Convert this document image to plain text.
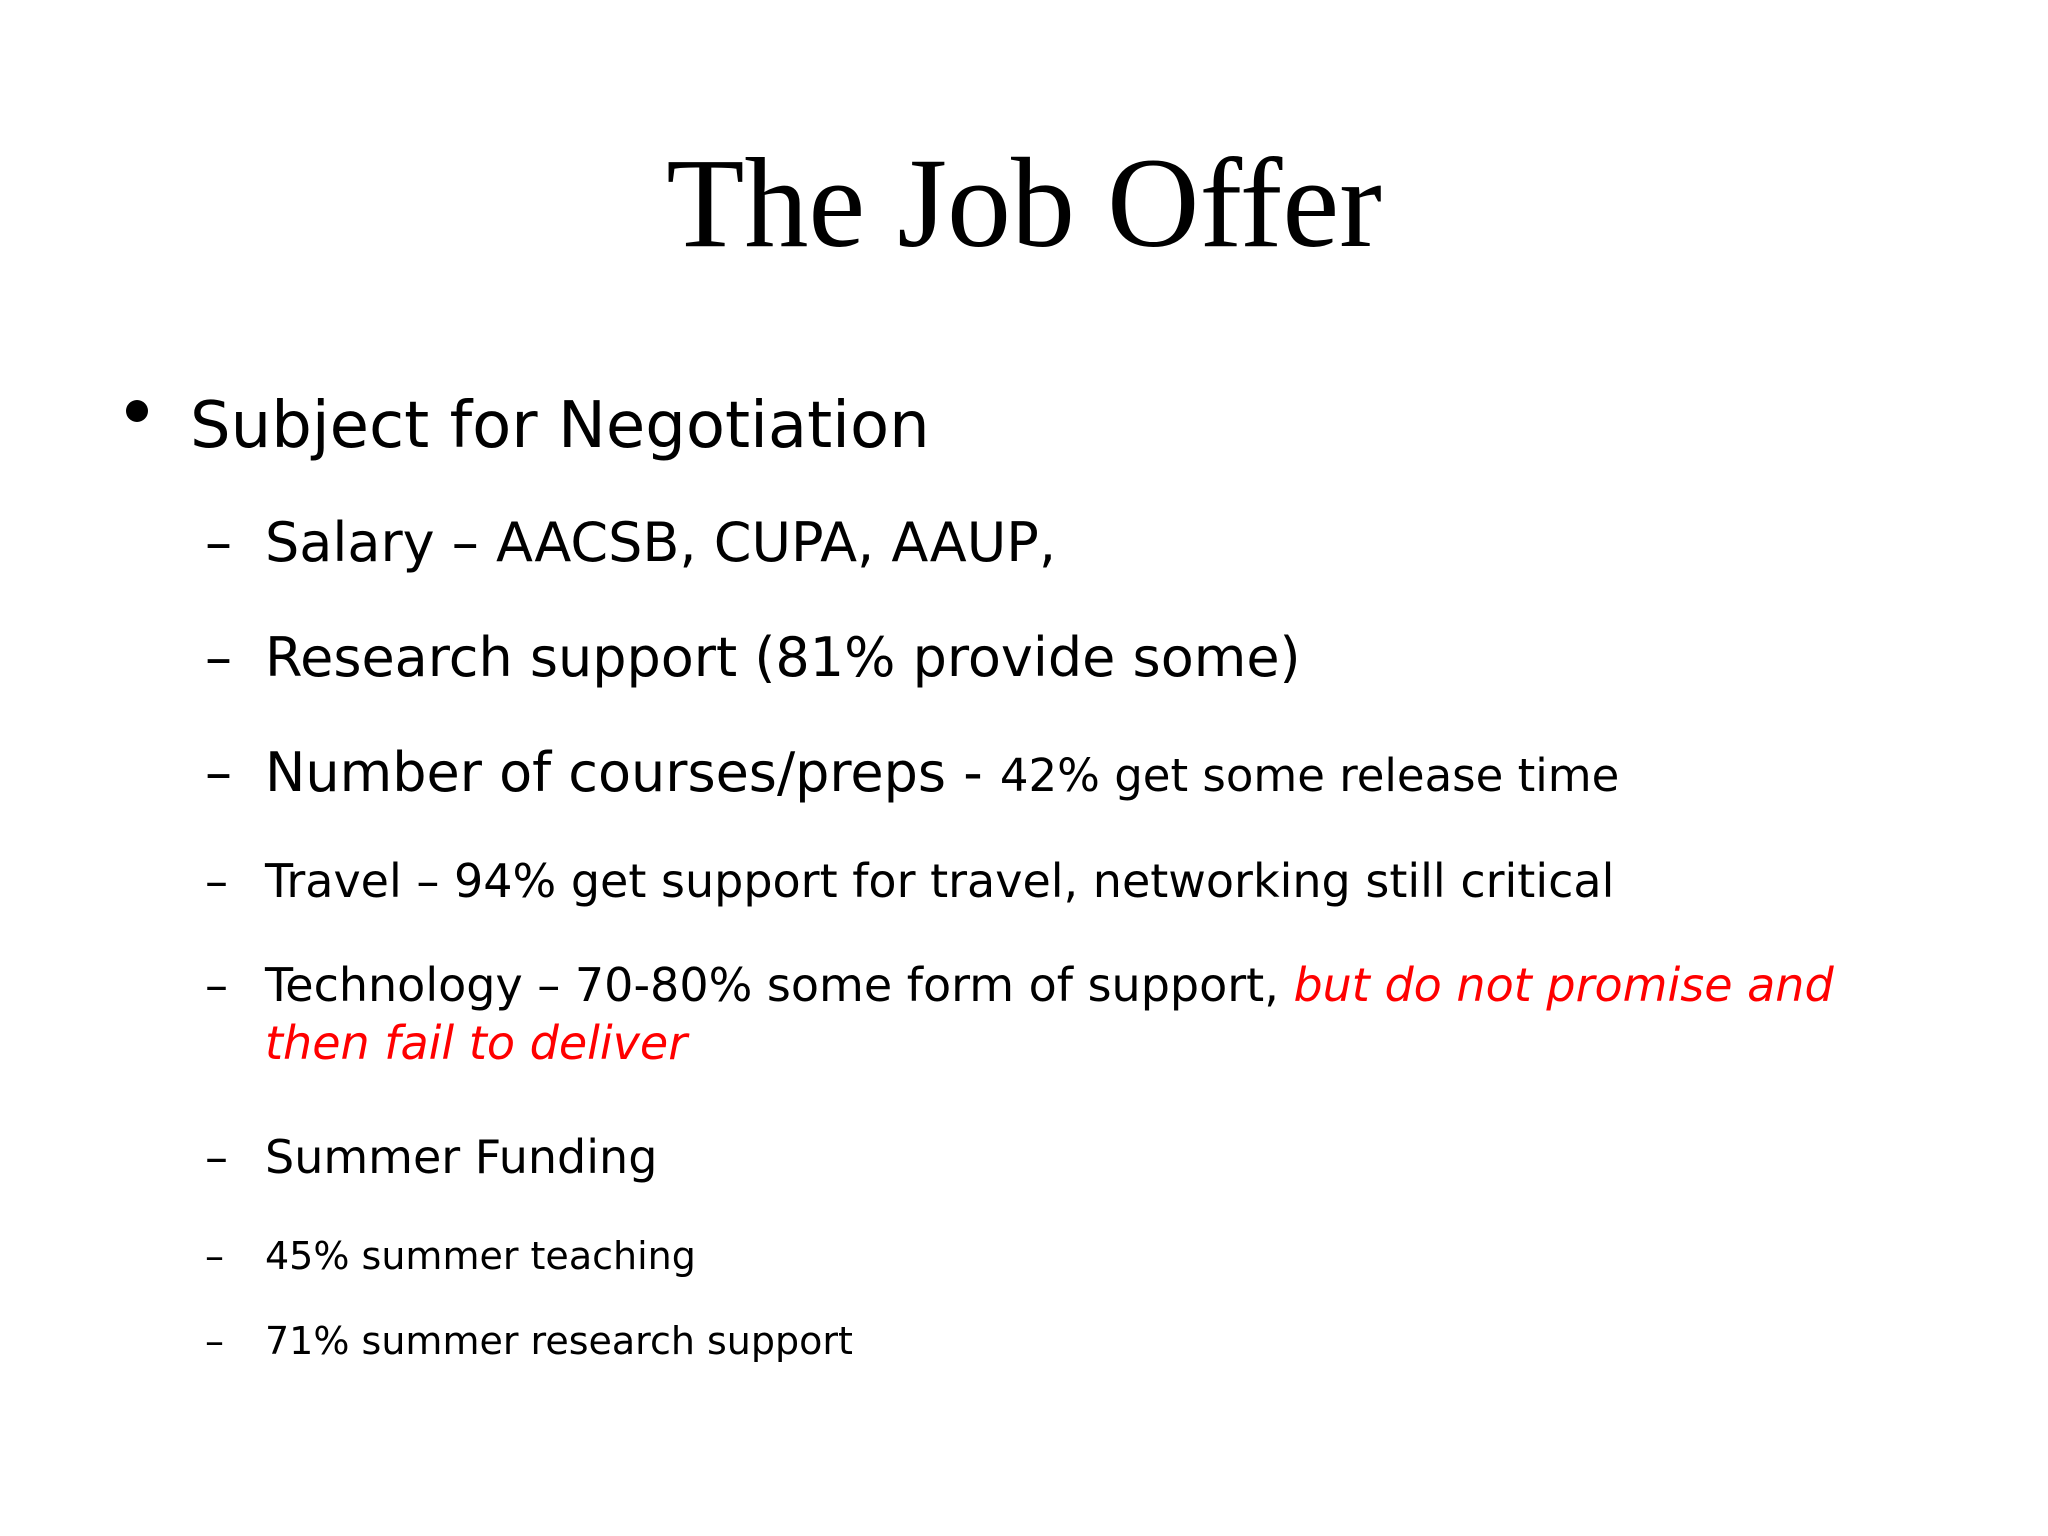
The Job Offer
Subject for Negotiation
– Salary – AACSB, CUPA, AAUP,
– Research support (81% provide some)
– Number of courses/preps - 42% get some release time
– Travel – 94% get support for travel, networking still critical
– Technology – 70-80% some form of support, but do not promise and then fail to deliver
– Summer Funding
– 45% summer teaching
– 71% summer research support
